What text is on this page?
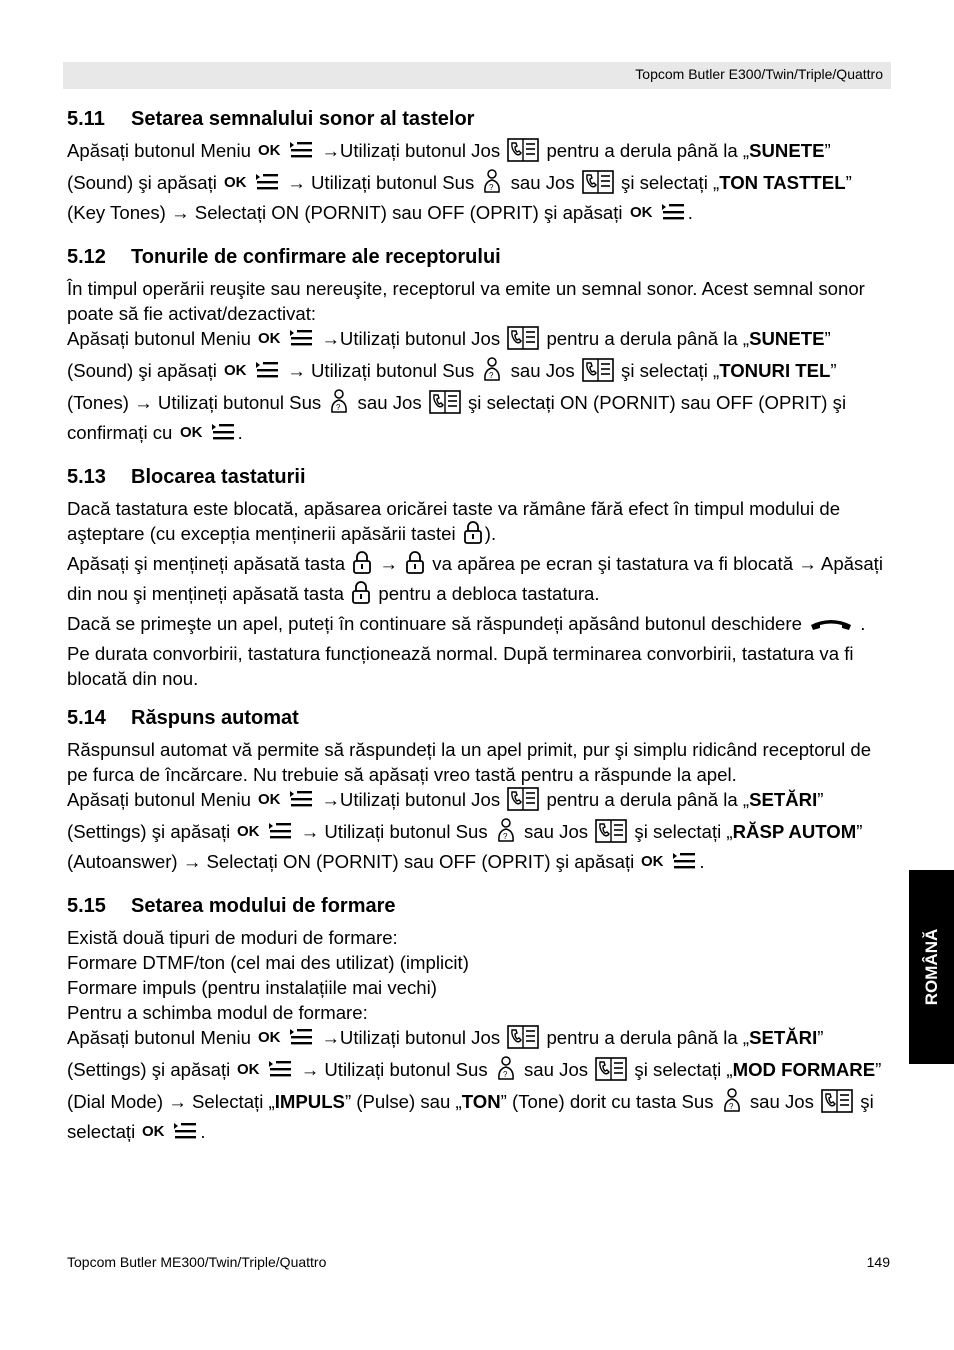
Topcom Butler E300/Twin/Triple/Quattro
5.11 Setarea semnalului sonor al tastelor

Apăsați butonul Meniu OK →Utilizați butonul Jos  pentru a derula până la „SUNETE” (Sound) şi apăsați OK → Utilizați butonul Sus ? sau Jos  şi selectați „TON TASTTEL” (Key Tones) → Selectați ON (PORNIT) sau OFF (OPRIT) şi apăsați OK .

5.12 Tonurile de confirmare ale receptorului

În timpul operării reuşite sau nereuşite, receptorul va emite un semnal sonor. Acest semnal sonor poate să fie activat/dezactivat:

Apăsați butonul Meniu OK →Utilizați butonul Jos  pentru a derula până la „SUNETE” (Sound) şi apăsați OK → Utilizați butonul Sus ? sau Jos  şi selectați „TONURI TEL” (Tones) → Utilizați butonul Sus ? sau Jos  şi selectați ON (PORNIT) sau OFF (OPRIT) şi confirmați cu OK .

5.13 Blocarea tastaturii

Dacă tastatura este blocată, apăsarea oricărei taste va rămâne fără efect în timpul modului de aşteptare (cu excepția menținerii apăsării tastei ).

Apăsați şi mențineți apăsată tasta  →  va apărea pe ecran şi tastatura va fi blocată → Apăsați din nou şi mențineți apăsată tasta  pentru a debloca tastatura.

Dacă se primeşte un apel, puteți în continuare să răspundeți apăsând butonul deschidere	. Pe durata convorbirii, tastatura funcționează normal. După terminarea convorbirii, tastatura va fi blocată din nou.

5.14 Răspuns automat

Răspunsul automat vă permite să răspundeți la un apel primit, pur şi simplu ridicând receptorul de pe furca de încărcare. Nu trebuie să apăsați vreo tastă pentru a răspunde la apel.

Apăsați butonul Meniu OK →Utilizați butonul Jos  pentru a derula până la „SETĂRI” (Settings) şi apăsați OK → Utilizați butonul Sus ? sau Jos  şi selectați „RĂSP AUTOM” (Autoanswer) → Selectați ON (PORNIT) sau OFF (OPRIT) şi apăsați OK .

5.15 Setarea modului de formare

Există două tipuri de moduri de formare:

Formare DTMF/ton (cel mai des utilizat) (implicit)

Formare impuls (pentru instalațiile mai vechi)

Pentru a schimba modul de formare:

Apăsați butonul Meniu OK →Utilizați butonul Jos  pentru a derula până la „SETĂRI” (Settings) şi apăsați OK → Utilizați butonul Sus ? sau Jos  şi selectați „MOD FORMARE” (Dial Mode) → Selectați „IMPULS” (Pulse) sau „TON” (Tone) dorit cu tasta Sus ? sau Jos  şi selectați OK .

ROMÂNĂ
Topcom Butler ME300/Twin/Triple/Quattro	149
